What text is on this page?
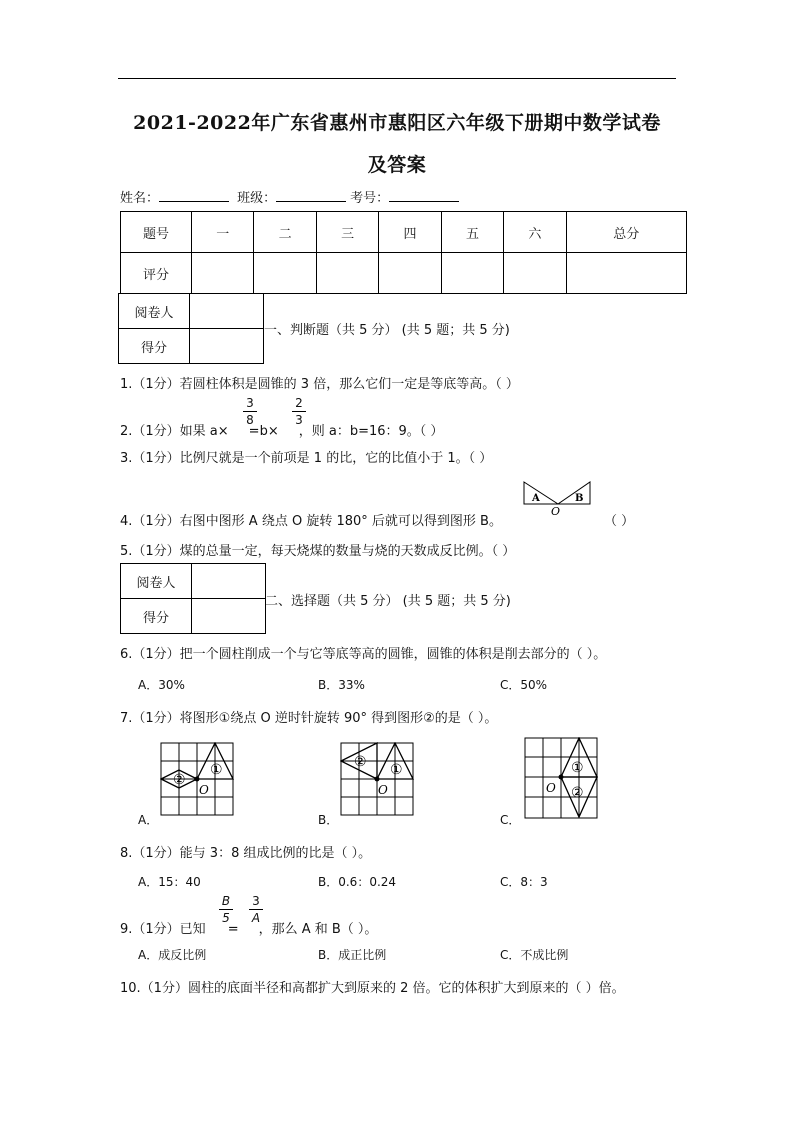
2021-2022年广东省惠州市惠阳区六年级下册期中数学试卷
及答案
姓名：	班级：	考号：
题号	一	二	三	四	五	六	总分
评分							
阅卷人	
得分	
一、判断题（共 5 分） (共 5 题；共 5 分)
1.（1分）若圆柱体积是圆锥的 3 倍，那么它们一定是等底等高。（ ）
2.（1分）如果 a× =b× ，则 a：b=16：9。（ ）
3
8
2
3
3.（1分）比例尺就是一个前项是 1 的比，它的比值小于 1。（ ）
A	B
O
4.（1分）右图中图形 A 绕点 O 旋转 180° 后就可以得到图形 B。	（ ）
5.（1分）煤的总量一定，每天烧煤的数量与烧的天数成反比例。（ ）
阅卷人	
得分	
二、选择题（共 5 分） (共 5 题；共 5 分)
6.（1分）把一个圆柱削成一个与它等底等高的圆锥，圆锥的体积是削去部分的（ ）。
A．30%	B．33%	C．50%
7.（1分）将图形①绕点 O 逆时针旋转 90° 得到图形②的是（ ）。
①
②
O
A．
①
②
O
B．
①
②
O
C．
8.（1分）能与 3：8 组成比例的比是（ ）。
A．15：40	B．0.6：0.24	C．8：3
9.（1分）已知 = ，那么 A 和 B（ ）。
B
5
3
A
A．成反比例	B．成正比例	C．不成比例
10.（1分）圆柱的底面半径和高都扩大到原来的 2 倍。它的体积扩大到原来的（ ）倍。
